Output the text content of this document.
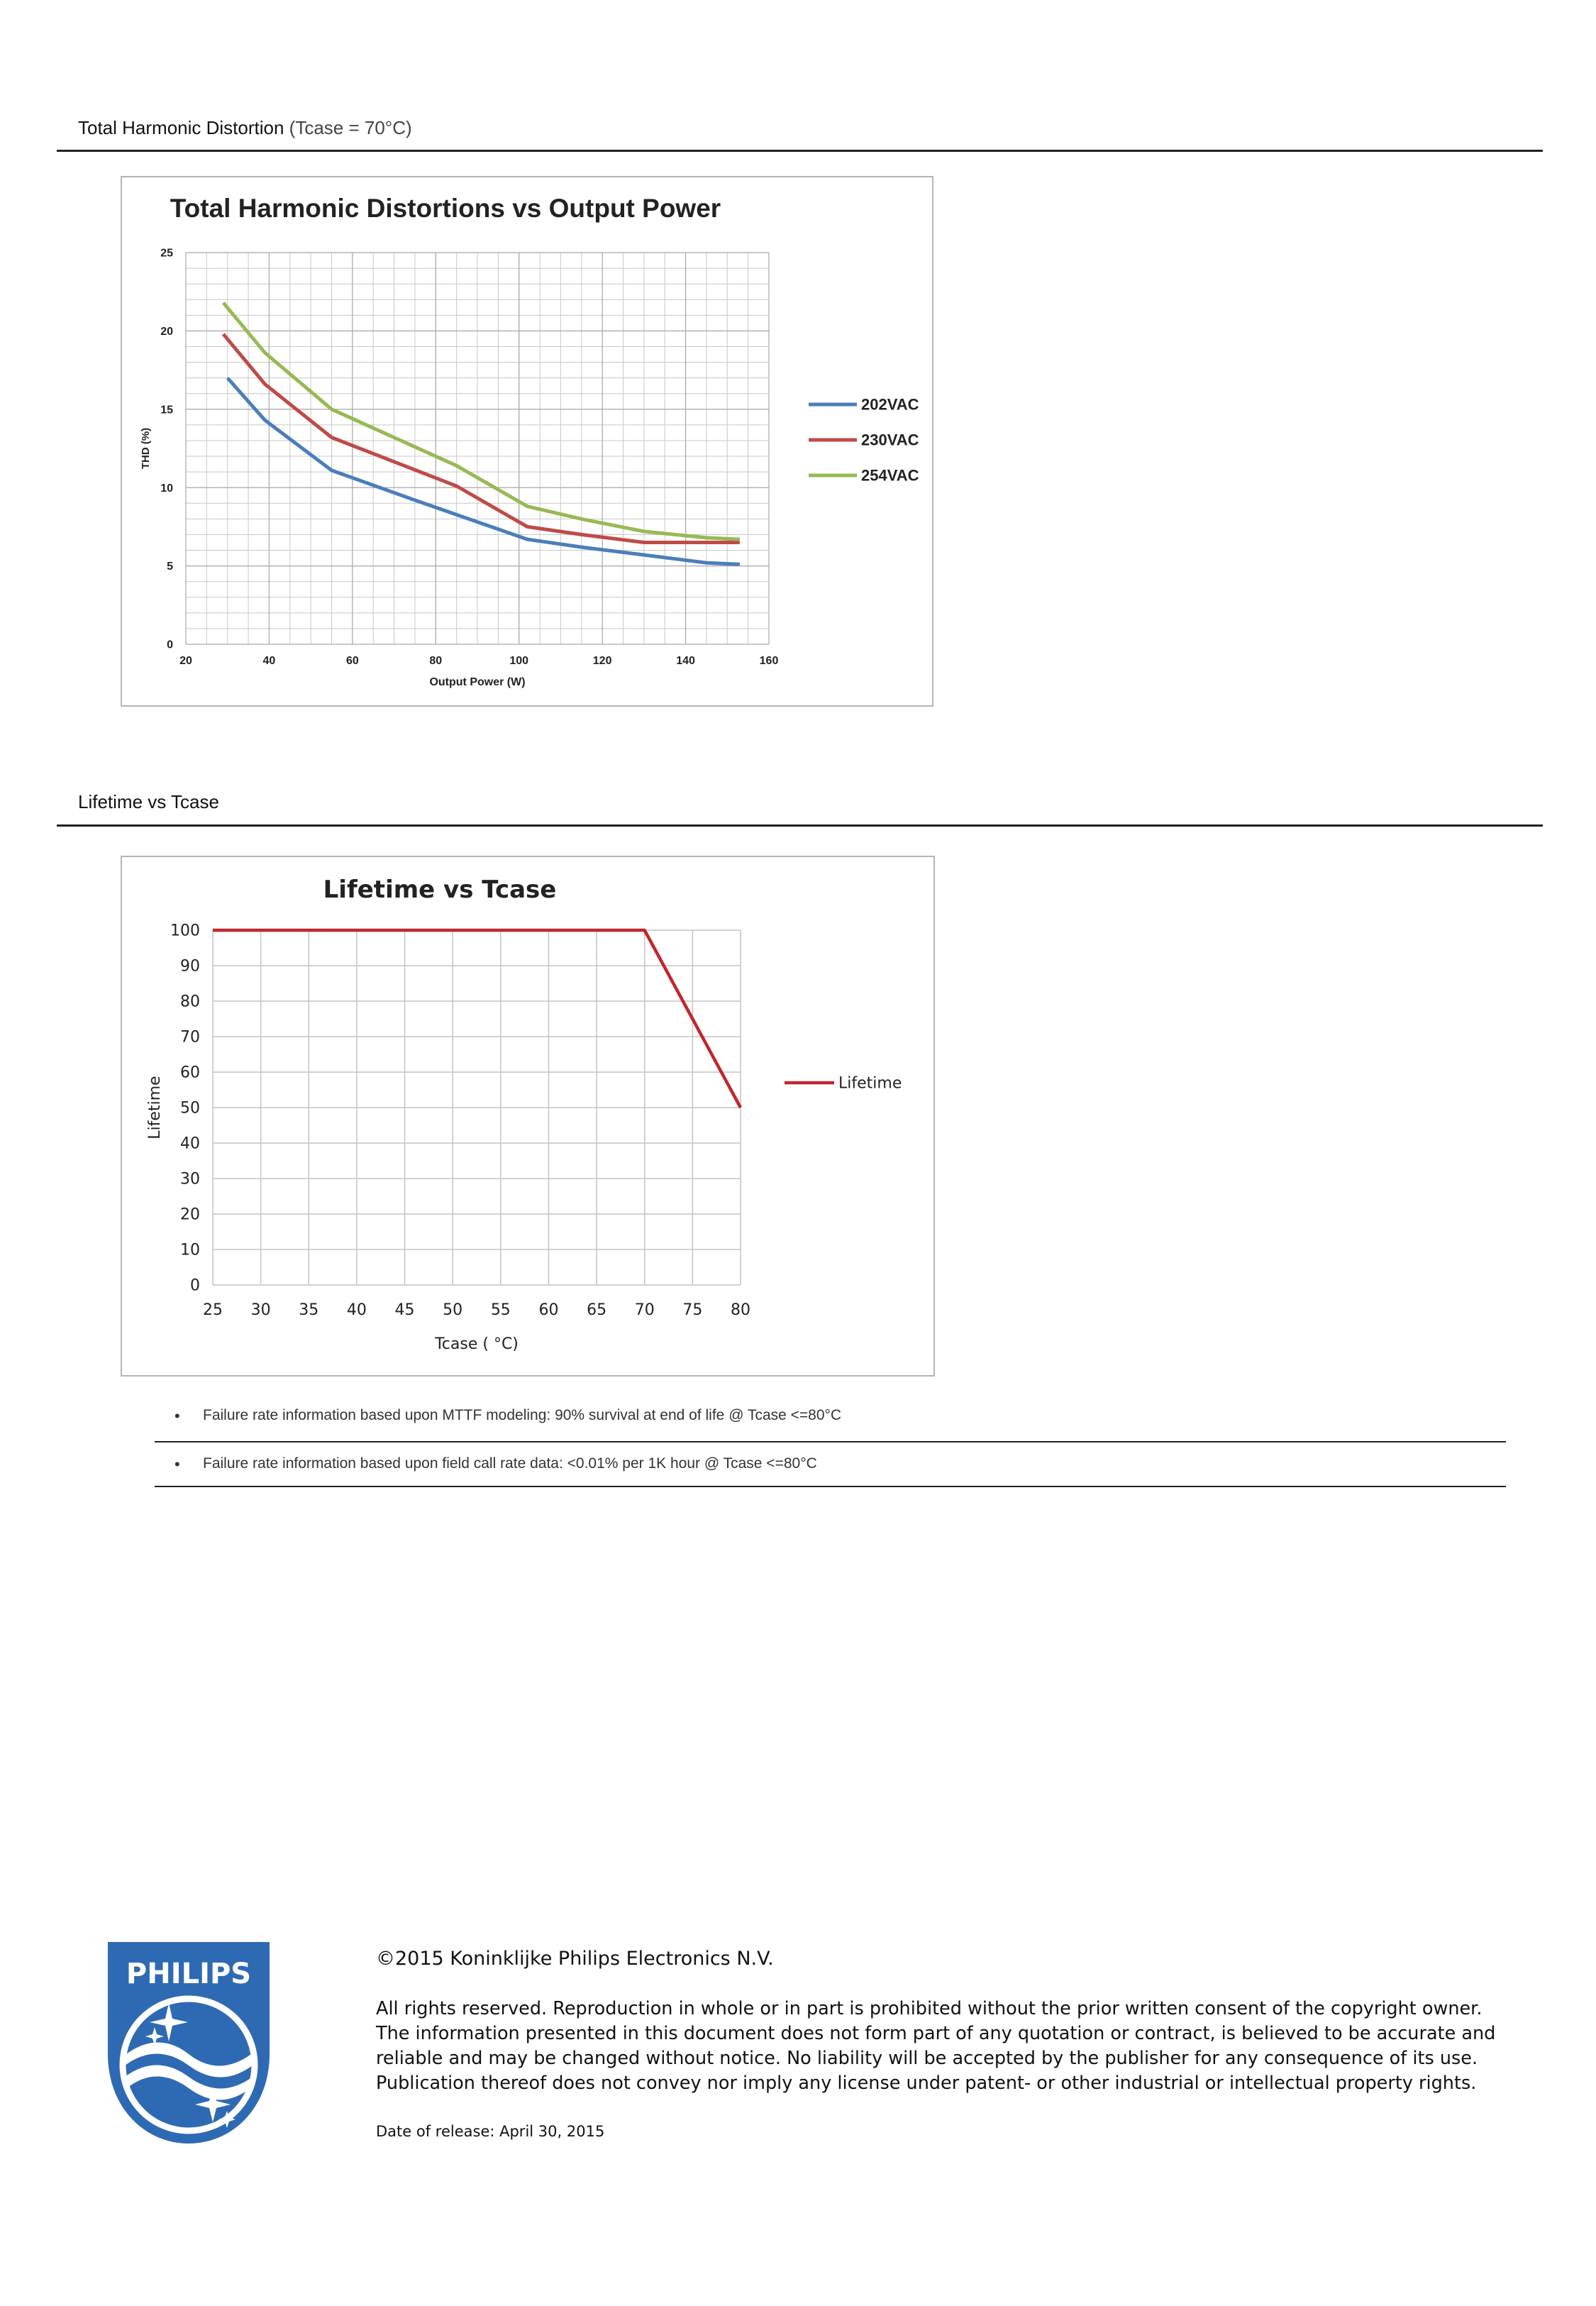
Total Harmonic Distortion (Tcase = 70°C)
20	40	60	80	100	120	140	160
0
5
10
15
20
25
Total Harmonic Distortions vs Output Power
Output Power (W)
THD (%)
202VAC
230VAC
254VAC
Lifetime vs Tcase
25 30 35 40 45 50 55 60 65 70 75 80
0
10
20
30
40
50
60
70
80
90
100
Lifetime vs Tcase
Tcase ( °C)
Lifetime	Lifetime
• Failure rate information based upon MTTF modeling: 90% survival at end of life @ Tcase <=80°C
• Failure rate information based upon field call rate data: <0.01% per 1K hour @ Tcase <=80°C
PHILIPS	©2015 Koninklijke Philips Electronics N.V.
All rights reserved. Reproduction in whole or in part is prohibited without the prior written consent of the copyright owner.
The information presented in this document does not form part of any quotation or contract, is believed to be accurate and
reliable and may be changed without notice. No liability will be accepted by the publisher for any consequence of its use.
Publication thereof does not convey nor imply any license under patent- or other industrial or intellectual property rights.
Date of release: April 30, 2015
